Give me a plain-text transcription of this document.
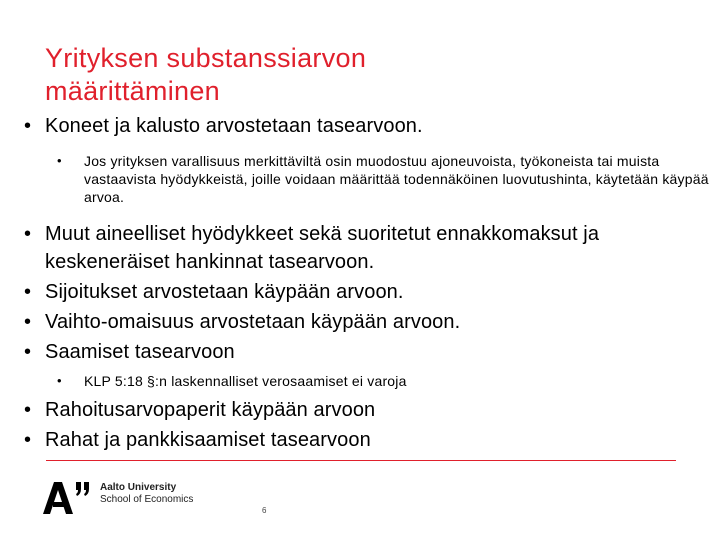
Yrityksen substanssiarvon
määrittäminen
• Koneet ja kalusto arvostetaan tasearvoon.
• Jos yrityksen varallisuus merkittäviltä osin muodostuu ajoneuvoista, työkoneista tai muista vastaavista hyödykkeistä, joille voidaan määrittää todennäköinen luovutushinta, käytetään käypää arvoa.
• Muut aineelliset hyödykkeet sekä suoritetut ennakkomaksut ja keskeneräiset hankinnat tasearvoon.
• Sijoitukset arvostetaan käypään arvoon.
• Vaihto-omaisuus arvostetaan käypään arvoon.
• Saamiset tasearvoon
• KLP 5:18 §:n laskennalliset verosaamiset ei varoja
• Rahoitusarvopaperit käypään arvoon
• Rahat ja pankkisaamiset tasearvoon
Aalto University
School of Economics
6
